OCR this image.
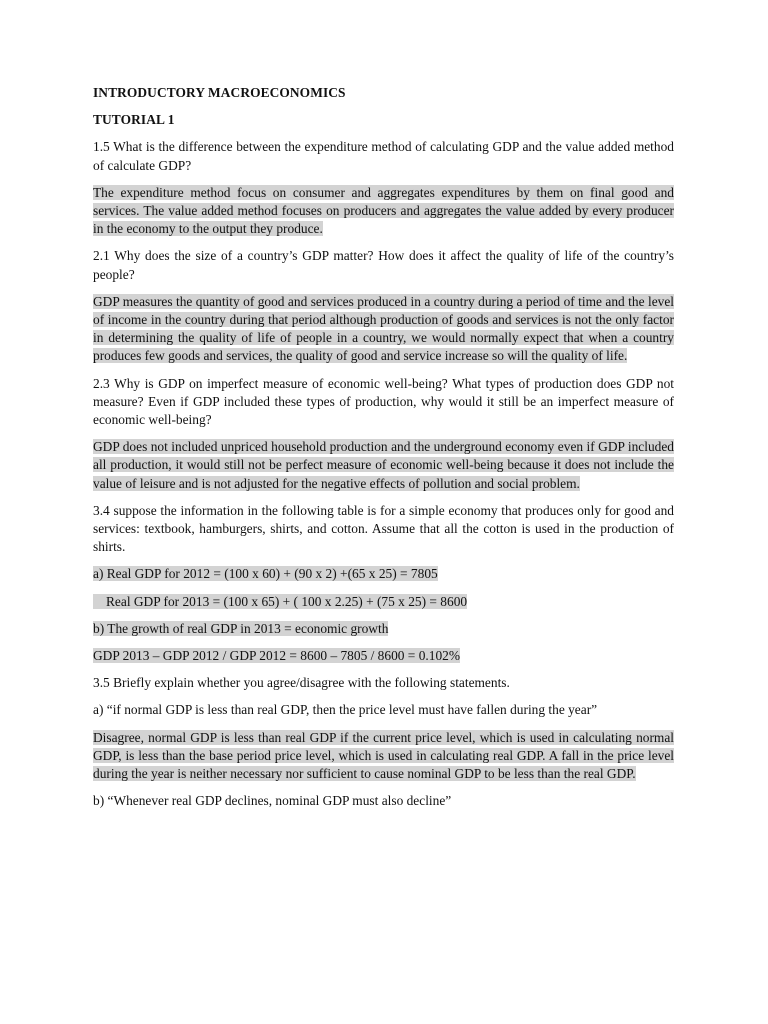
INTRODUCTORY MACROECONOMICS
TUTORIAL 1
1.5 What is the difference between the expenditure method of calculating GDP and the value added method of calculate GDP?
The expenditure method focus on consumer and aggregates expenditures by them on final good and services. The value added method focuses on producers and aggregates the value added by every producer in the economy to the output they produce.
2.1 Why does the size of a country’s GDP matter? How does it affect the quality of life of the country’s people?
GDP measures the quantity of good and services produced in a country during a period of time and the level of income in the country during that period although production of goods and services is not the only factor in determining the quality of life of people in a country, we would normally expect that when a country produces few goods and services, the quality of good and service increase so will the quality of life.
2.3 Why is GDP on imperfect measure of economic well-being? What types of production does GDP not measure? Even if GDP included these types of production, why would it still be an imperfect measure of economic well-being?
GDP does not included unpriced household production and the underground economy even if GDP included all production, it would still not be perfect measure of economic well-being because it does not include the value of leisure and is not adjusted for the negative effects of pollution and social problem.
3.4 suppose the information in the following table is for a simple economy that produces only for good and services: textbook, hamburgers, shirts, and cotton. Assume that all the cotton is used in the production of shirts.
a) Real GDP for 2012 = (100 x 60) + (90 x 2) +(65 x 25) = 7805
Real GDP for 2013 = (100 x 65) + ( 100 x 2.25) + (75 x 25) = 8600
b) The growth of real GDP in 2013 = economic growth
GDP 2013 – GDP 2012 / GDP 2012 = 8600 – 7805 / 8600 = 0.102%
3.5 Briefly explain whether you agree/disagree with the following statements.
a) “if normal GDP is less than real GDP, then the price level must have fallen during the year”
Disagree, normal GDP is less than real GDP if the current price level, which is used in calculating normal GDP, is less than the base period price level, which is used in calculating real GDP. A fall in the price level during the year is neither necessary nor sufficient to cause nominal GDP to be less than the real GDP.
b) “Whenever real GDP declines, nominal GDP must also decline”
